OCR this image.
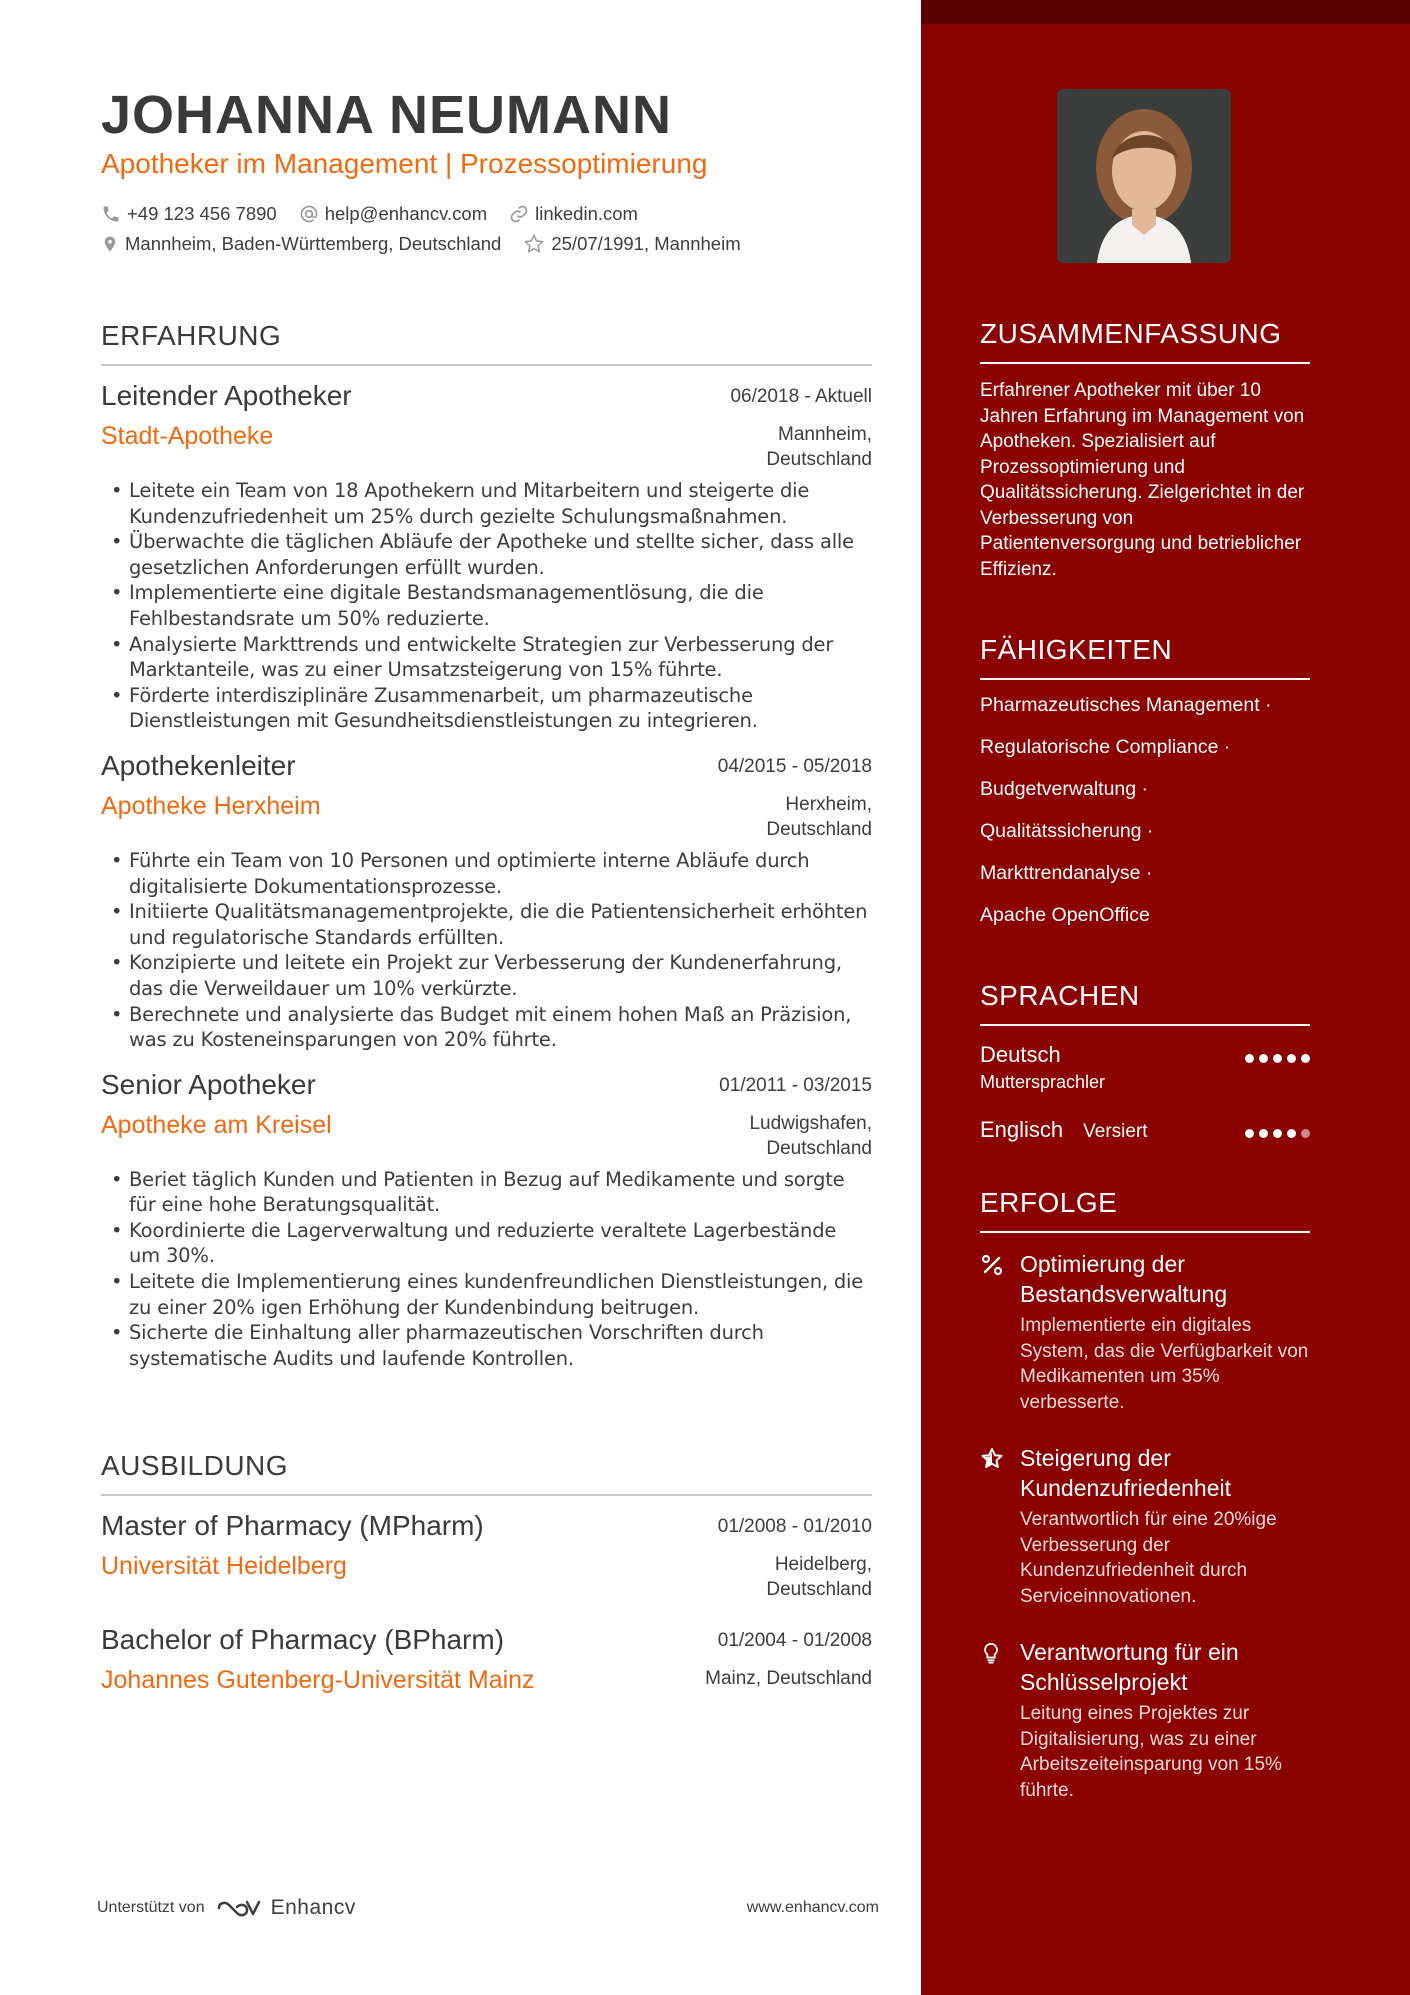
JOHANNA NEUMANN
Apotheker im Management | Prozessoptimierung
+49 123 456 7890	help@enhancv.com	linkedin.com
Mannheim, Baden-Württemberg, Deutschland	25/07/1991, Mannheim
ERFAHRUNG
Leitender Apotheker	06/2018 - Aktuell
Stadt-Apotheke	Mannheim,
Deutschland
• Leitete ein Team von 18 Apothekern und Mitarbeitern und steigerte die Kundenzufriedenheit um 25% durch gezielte Schulungsmaßnahmen.
• Überwachte die täglichen Abläufe der Apotheke und stellte sicher, dass alle gesetzlichen Anforderungen erfüllt wurden.
• Implementierte eine digitale Bestandsmanagementlösung, die die Fehlbestandsrate um 50% reduzierte.
• Analysierte Markttrends und entwickelte Strategien zur Verbesserung der Marktanteile, was zu einer Umsatzsteigerung von 15% führte.
• Förderte interdisziplinäre Zusammenarbeit, um pharmazeutische Dienstleistungen mit Gesundheitsdienstleistungen zu integrieren.
Apothekenleiter	04/2015 - 05/2018
Apotheke Herxheim	Herxheim,
Deutschland
• Führte ein Team von 10 Personen und optimierte interne Abläufe durch digitalisierte Dokumentationsprozesse.
• Initiierte Qualitätsmanagementprojekte, die die Patientensicherheit erhöhten und regulatorische Standards erfüllten.
• Konzipierte und leitete ein Projekt zur Verbesserung der Kundenerfahrung, das die Verweildauer um 10% verkürzte.
• Berechnete und analysierte das Budget mit einem hohen Maß an Präzision, was zu Kosteneinsparungen von 20% führte.
Senior Apotheker	01/2011 - 03/2015
Apotheke am Kreisel	Ludwigshafen,
Deutschland
• Beriet täglich Kunden und Patienten in Bezug auf Medikamente und sorgte für eine hohe Beratungsqualität.
• Koordinierte die Lagerverwaltung und reduzierte veraltete Lagerbestände um 30%.
• Leitete die Implementierung eines kundenfreundlichen Dienstleistungen, die zu einer 20% igen Erhöhung der Kundenbindung beitrugen.
• Sicherte die Einhaltung aller pharmazeutischen Vorschriften durch systematische Audits und laufende Kontrollen.
AUSBILDUNG
Master of Pharmacy (MPharm)	01/2008 - 01/2010
Universität Heidelberg	Heidelberg,
Deutschland
Bachelor of Pharmacy (BPharm)	01/2004 - 01/2008
Johannes Gutenberg-Universität Mainz	Mainz, Deutschland
Unterstützt von	Enhancv	www.enhancv.com
ZUSAMMENFASSUNG
Erfahrener Apotheker mit über 10 Jahren Erfahrung im Management von Apotheken. Spezialisiert auf Prozessoptimierung und Qualitätssicherung. Zielgerichtet in der Verbesserung von Patientenversorgung und betrieblicher Effizienz.
FÄHIGKEITEN
Pharmazeutisches Management ·
Regulatorische Compliance ·
Budgetverwaltung ·
Qualitätssicherung ·
Markttrendanalyse ·
Apache OpenOffice
SPRACHEN
Deutsch
Muttersprachler
Englisch Versiert
ERFOLGE
Optimierung der Bestandsverwaltung
Implementierte ein digitales System, das die Verfügbarkeit von Medikamenten um 35% verbesserte.
Steigerung der Kundenzufriedenheit
Verantwortlich für eine 20%ige Verbesserung der Kundenzufriedenheit durch Serviceinnovationen.
Verantwortung für ein Schlüsselprojekt
Leitung eines Projektes zur Digitalisierung, was zu einer Arbeitszeiteinsparung von 15% führte.
